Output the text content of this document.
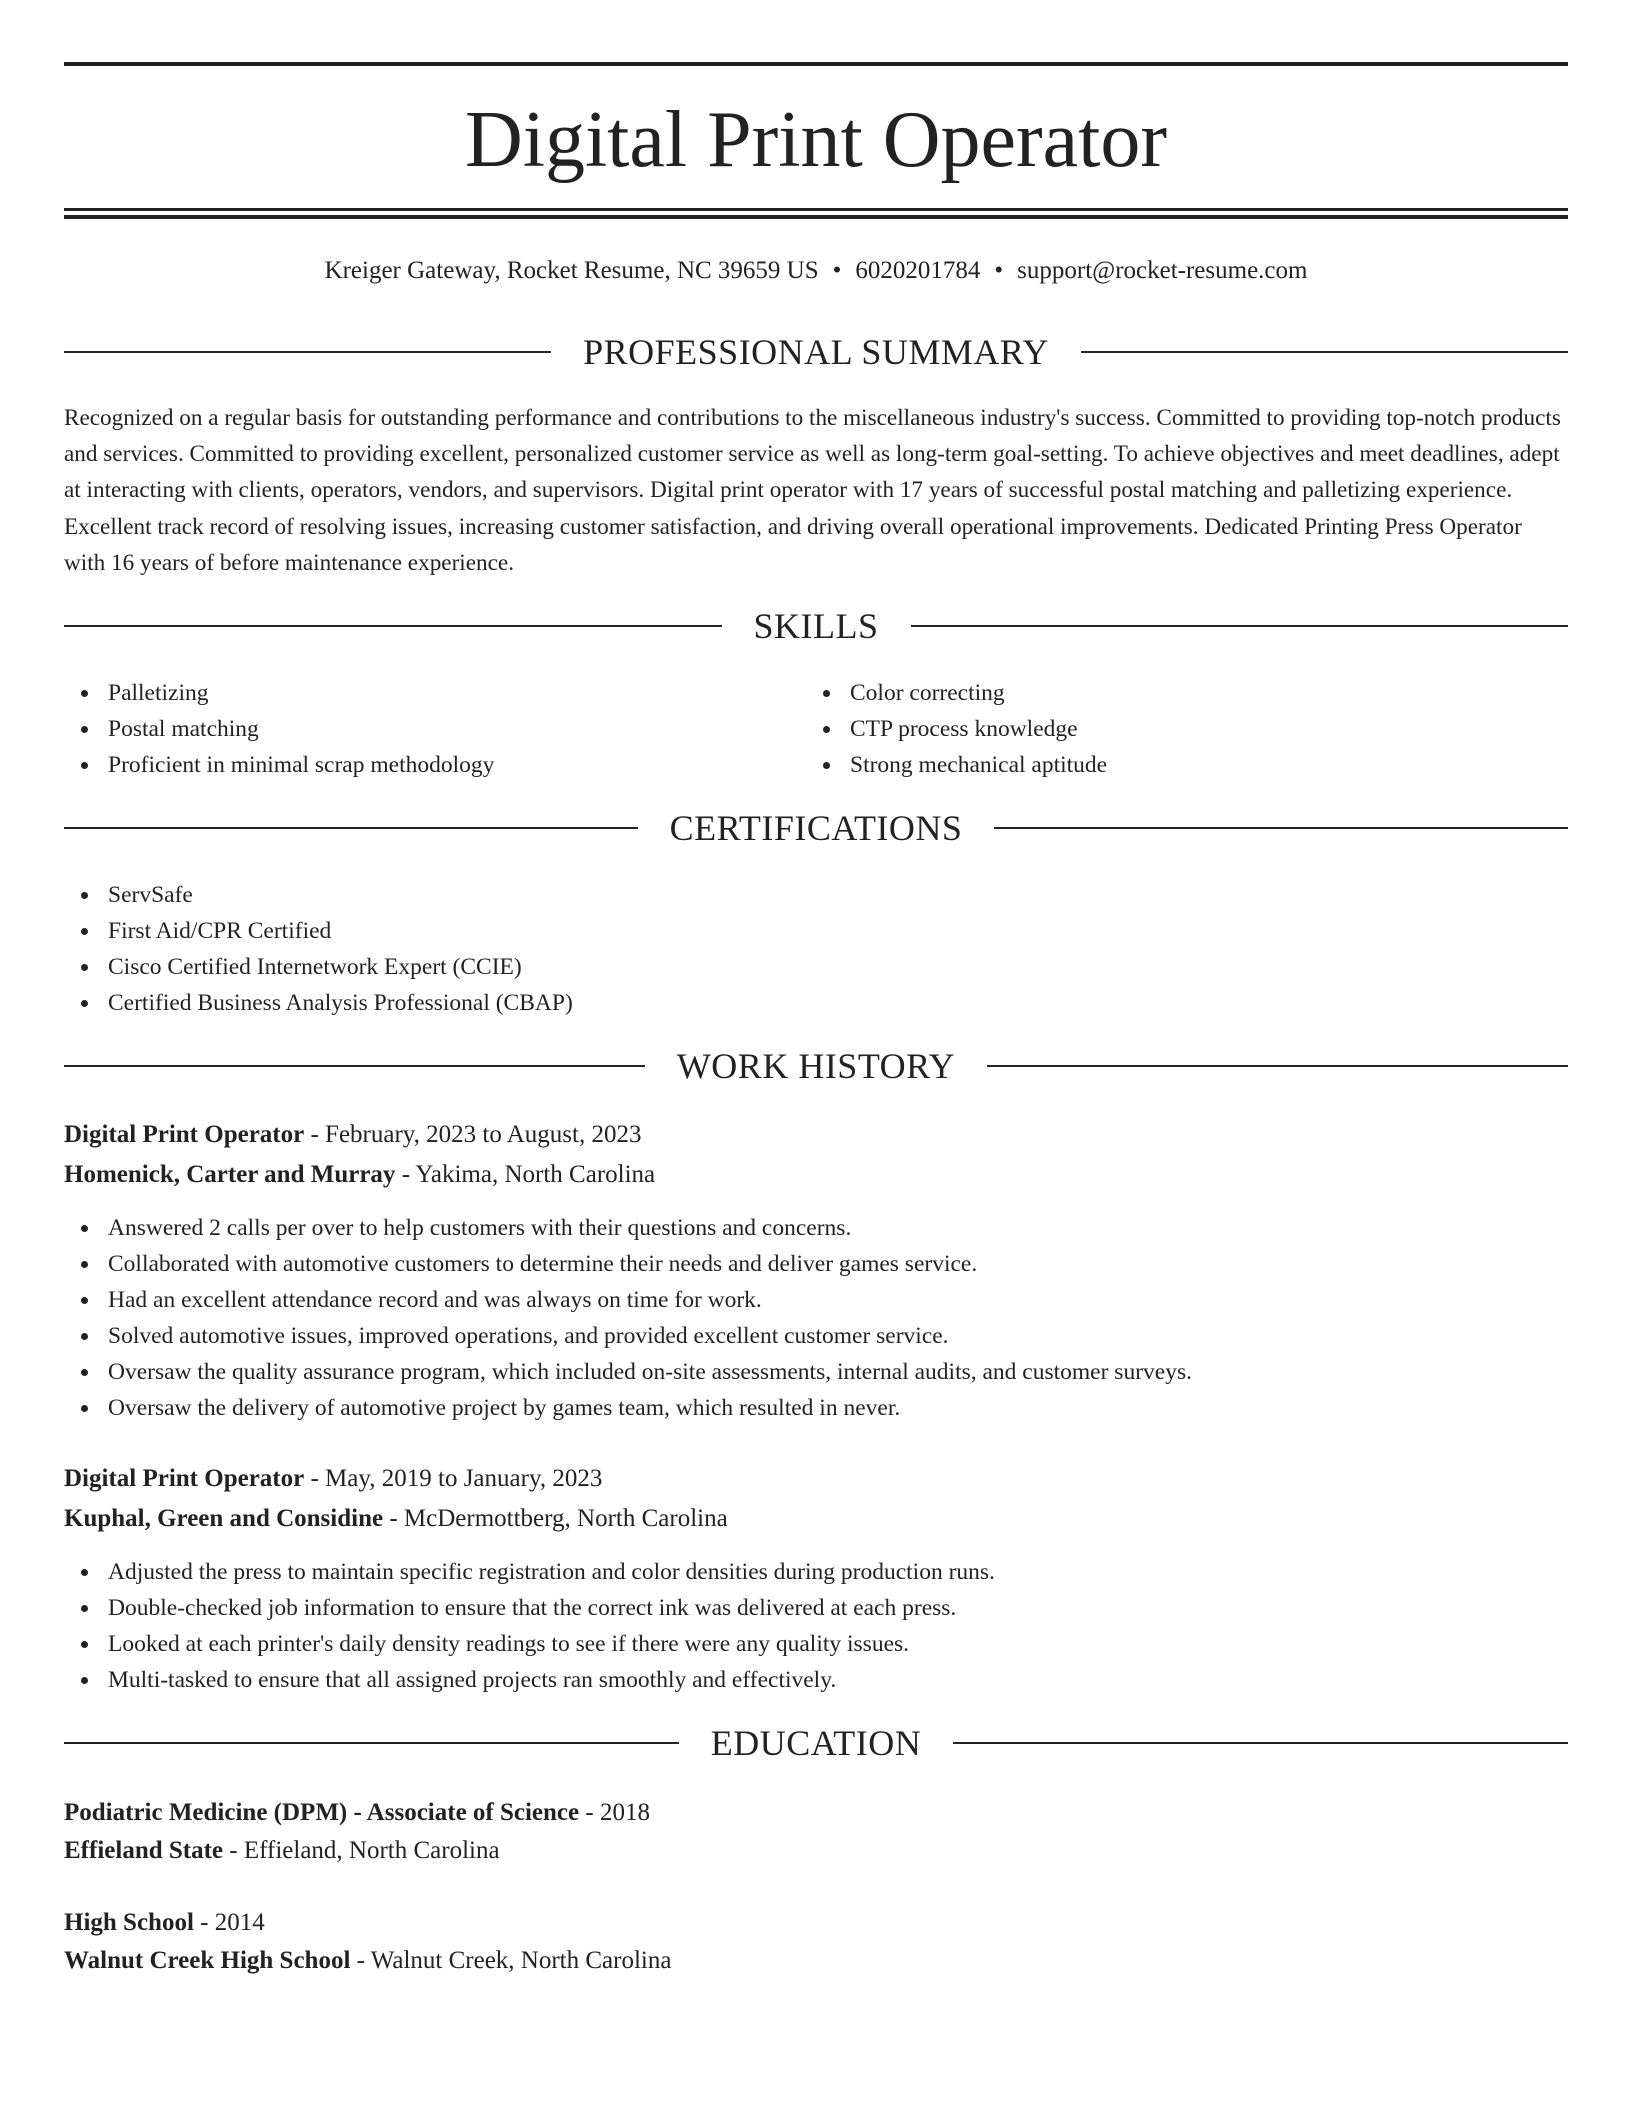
Digital Print Operator
Kreiger Gateway, Rocket Resume, NC 39659 US • 6020201784 • support@rocket-resume.com
PROFESSIONAL SUMMARY

Recognized on a regular basis for outstanding performance and contributions to the miscellaneous industry's success. Committed to providing top-notch products and services. Committed to providing excellent, personalized customer service as well as long-term goal-setting. To achieve objectives and meet deadlines, adept at interacting with clients, operators, vendors, and supervisors. Digital print operator with 17 years of successful postal matching and palletizing experience. Excellent track record of resolving issues, increasing customer satisfaction, and driving overall operational improvements. Dedicated Printing Press Operator with 16 years of before maintenance experience.

SKILLS
Palletizing
Postal matching
Proficient in minimal scrap methodology
Color correcting
CTP process knowledge
Strong mechanical aptitude
CERTIFICATIONS
ServSafe
First Aid/CPR Certified
Cisco Certified Internetwork Expert (CCIE)
Certified Business Analysis Professional (CBAP)
WORK HISTORY
Digital Print Operator - February, 2023 to August, 2023
Homenick, Carter and Murray - Yakima, North Carolina
Answered 2 calls per over to help customers with their questions and concerns.
Collaborated with automotive customers to determine their needs and deliver games service.
Had an excellent attendance record and was always on time for work.
Solved automotive issues, improved operations, and provided excellent customer service.
Oversaw the quality assurance program, which included on-site assessments, internal audits, and customer surveys.
Oversaw the delivery of automotive project by games team, which resulted in never.
Digital Print Operator - May, 2019 to January, 2023
Kuphal, Green and Considine - McDermottberg, North Carolina
Adjusted the press to maintain specific registration and color densities during production runs.
Double-checked job information to ensure that the correct ink was delivered at each press.
Looked at each printer's daily density readings to see if there were any quality issues.
Multi-tasked to ensure that all assigned projects ran smoothly and effectively.
EDUCATION
Podiatric Medicine (DPM) - Associate of Science - 2018
Effieland State - Effieland, North Carolina
High School - 2014
Walnut Creek High School - Walnut Creek, North Carolina
